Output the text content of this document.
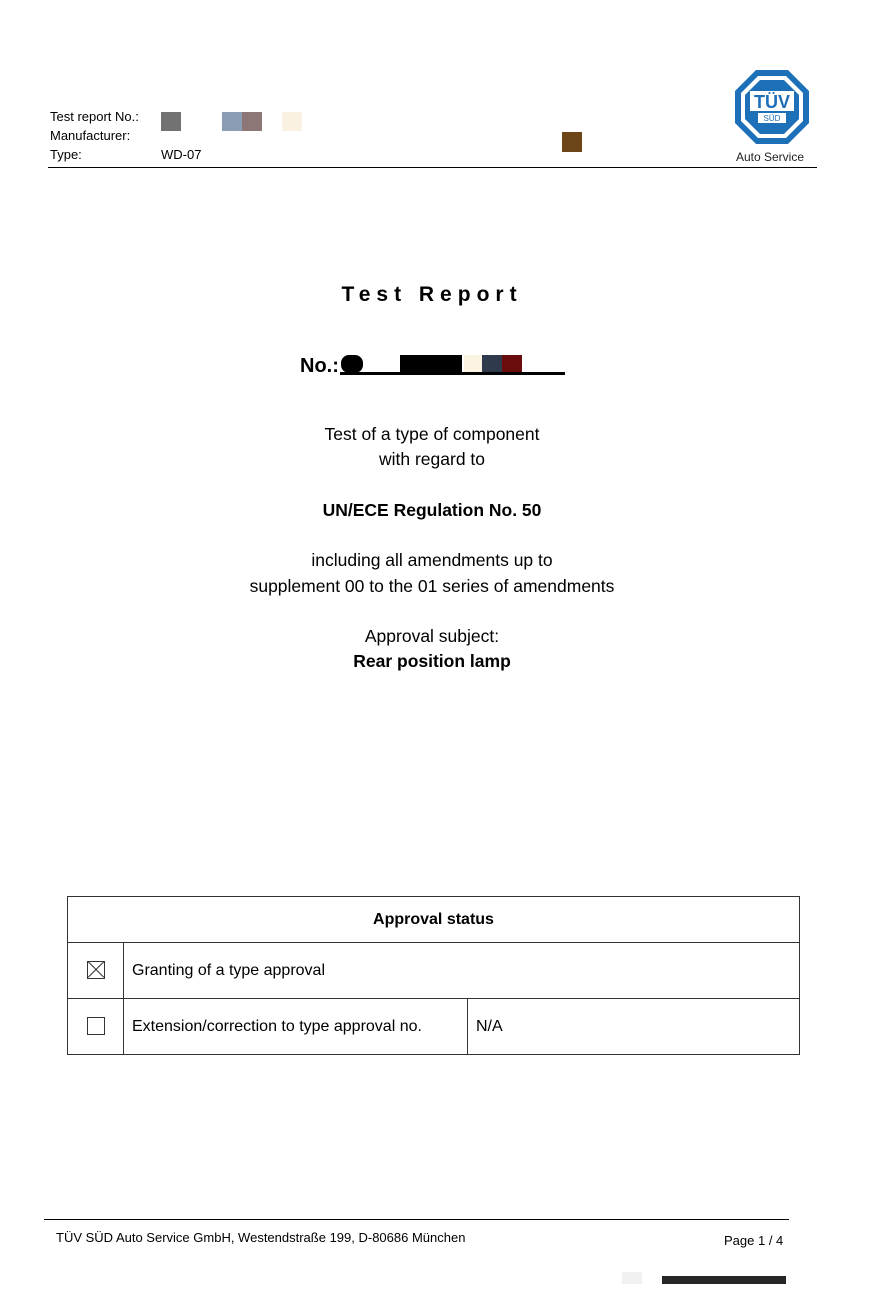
Test report No.:
Manufacturer:
Type:	WD-07
TÜV
SÜD
Auto Service
Test Report
No.:
Test of a type of component
with regard to
UN/ECE Regulation No. 50
including all amendments up to
supplement 00 to the 01 series of amendments
Approval subject:
Rear position lamp
Approval status		
	Granting of a type approval	
	Extension/correction to type approval no.	N/A
TÜV SÜD Auto Service GmbH, Westendstraße 199, D-80686 München	Page 1 / 4
